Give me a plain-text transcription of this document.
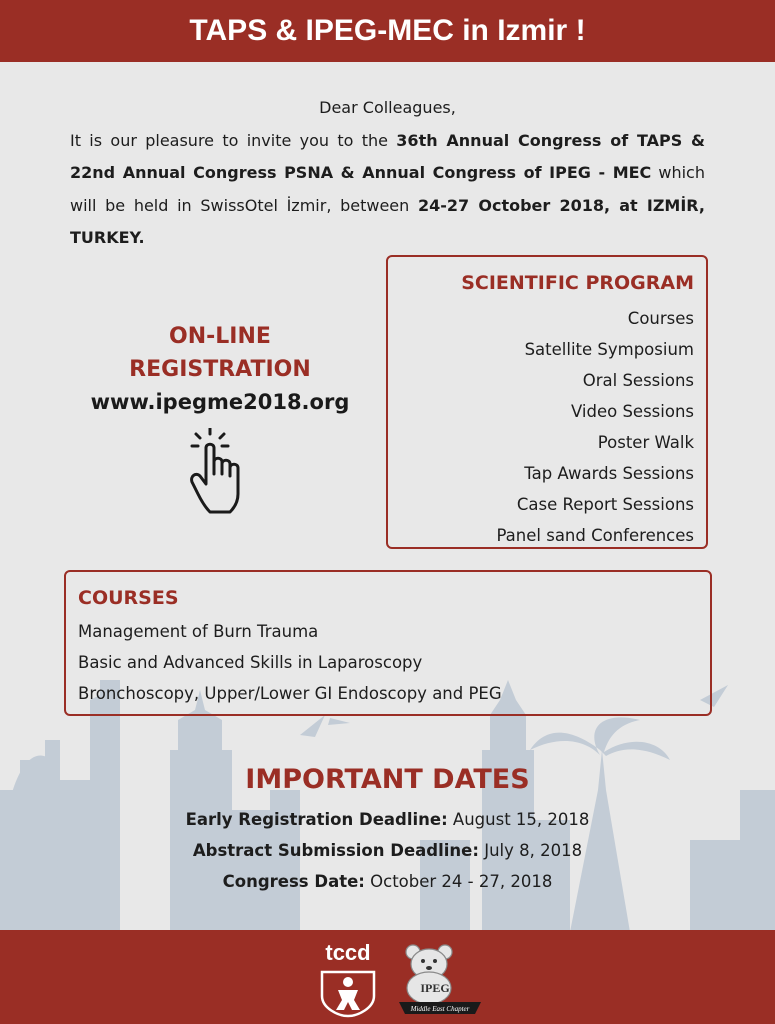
TAPS & IPEG-MEC in Izmir !
Dear Colleagues,
It is our pleasure to invite you to the 36th Annual Congress of TAPS & 22nd Annual Congress PSNA & Annual Congress of IPEG - MEC which will be held in SwissOtel İzmir, between 24-27 October 2018, at IZMİR, TURKEY.
ON-LINE
REGISTRATION
www.ipegme2018.org
SCIENTIFIC PROGRAM
Courses
Satellite Symposium
Oral Sessions
Video Sessions
Poster Walk
Tap Awards Sessions
Case Report Sessions
Panel sand Conferences
COURSES
Management of Burn Trauma
Basic and Advanced Skills in Laparoscopy
Bronchoscopy, Upper/Lower GI Endoscopy and PEG
IMPORTANT DATES
Early Registration Deadline: August 15, 2018
Abstract Submission Deadline: July 8, 2018
Congress Date: October 24 - 27, 2018
tccd
IPEG
Middle East Chapter
